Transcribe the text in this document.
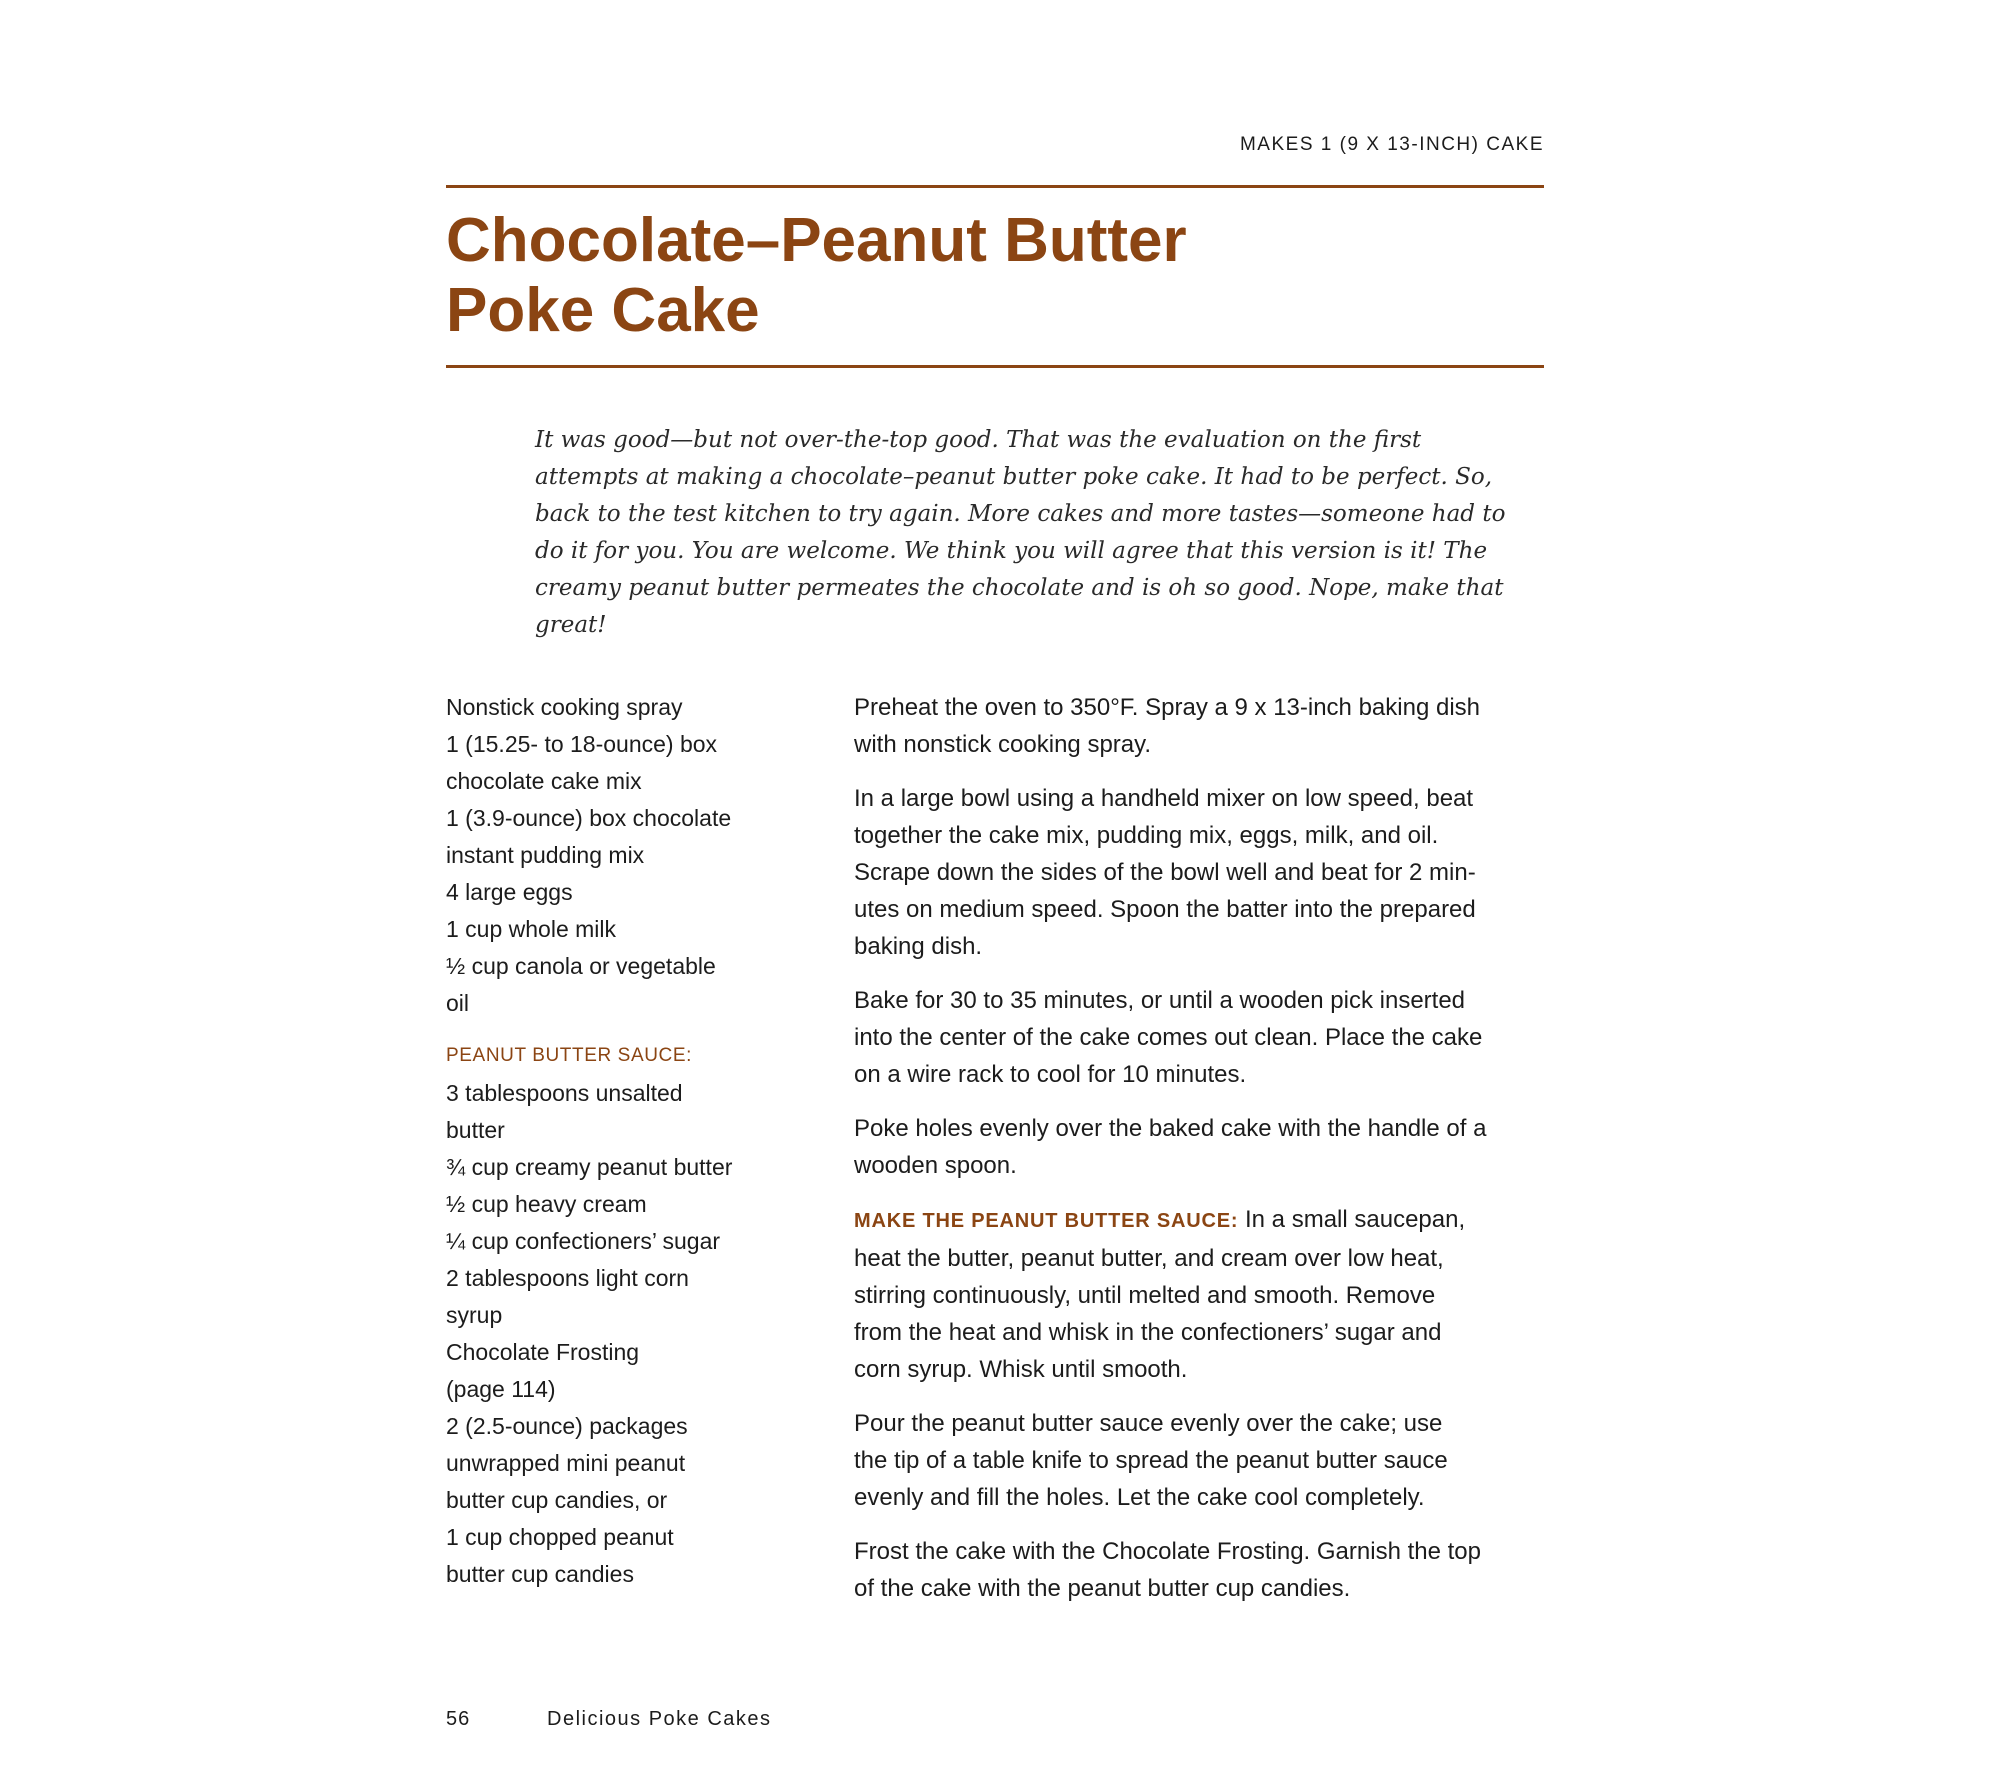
MAKES 1 (9 X 13-INCH) CAKE
Chocolate–Peanut Butter
Poke Cake
It was good—but not over-the-top good. That was the evaluation on the first
attempts at making a chocolate–peanut butter poke cake. It had to be perfect. So,
back to the test kitchen to try again. More cakes and more tastes—someone had to
do it for you. You are welcome. We think you will agree that this version is it! The
creamy peanut butter permeates the chocolate and is oh so good. Nope, make that
great!
Nonstick cooking spray
1 (15.25- to 18-ounce) box
chocolate cake mix
1 (3.9-ounce) box chocolate
instant pudding mix
4 large eggs
1 cup whole milk
½ cup canola or vegetable
oil
PEANUT BUTTER SAUCE:
3 tablespoons unsalted
butter
¾ cup creamy peanut butter
½ cup heavy cream
¼ cup confectioners’ sugar
2 tablespoons light corn
syrup
Chocolate Frosting
(page 114)
2 (2.5-ounce) packages
unwrapped mini peanut
butter cup candies, or
1 cup chopped peanut
butter cup candies
Preheat the oven to 350°F. Spray a 9 x 13-inch baking dish
with nonstick cooking spray.
In a large bowl using a handheld mixer on low speed, beat
together the cake mix, pudding mix, eggs, milk, and oil.
Scrape down the sides of the bowl well and beat for 2 min-
utes on medium speed. Spoon the batter into the prepared
baking dish.
Bake for 30 to 35 minutes, or until a wooden pick inserted
into the center of the cake comes out clean. Place the cake
on a wire rack to cool for 10 minutes.
Poke holes evenly over the baked cake with the handle of a
wooden spoon.
MAKE THE PEANUT BUTTER SAUCE: In a small saucepan,
heat the butter, peanut butter, and cream over low heat,
stirring continuously, until melted and smooth. Remove
from the heat and whisk in the confectioners’ sugar and
corn syrup. Whisk until smooth.
Pour the peanut butter sauce evenly over the cake; use
the tip of a table knife to spread the peanut butter sauce
evenly and fill the holes. Let the cake cool completely.
Frost the cake with the Chocolate Frosting. Garnish the top
of the cake with the peanut butter cup candies.
56	Delicious Poke Cakes
